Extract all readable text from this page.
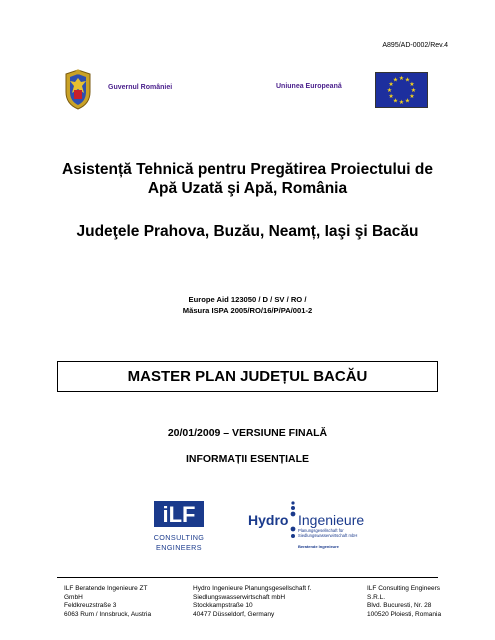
A895/AD-0002/Rev.4
Guvernul României	Uniunea Europeană
★ ★
★
★
★
★
★
★
★
★
★
★
Asistență Tehnică pentru Pregătirea Proiectului de
Apă Uzată şi Apă, România
Judeţele Prahova, Buzău, Neamț, Iaşi şi Bacău
Europe Aid 123050 / D / SV / RO /
Măsura ISPA 2005/RO/16/P/PA/001-2
MASTER PLAN JUDEȚUL BACĂU
20/01/2009 – VERSIUNE FINALĂ
INFORMAȚII ESENȚIALE
iLF
CONSULTING
ENGINEERS
Hydro Ingenieure
Planungsgesellschaft für
Siedlungswasserwirtschaft mbH
Beratende Ingenieure
ILF Beratende Ingenieure ZT
GmbH
Feldkreuzstraße 3
6063 Rum / Innsbruck, Austria
Hydro Ingenieure Planungsgesellschaft f.
Siedlungswasserwirtschaft mbH
Stockkampstraße 10
40477 Düsseldorf, Germany
ILF Consulting Engineers
S.R.L.
Blvd. Bucuresti, Nr. 28
100520 Ploiesti, Romania
